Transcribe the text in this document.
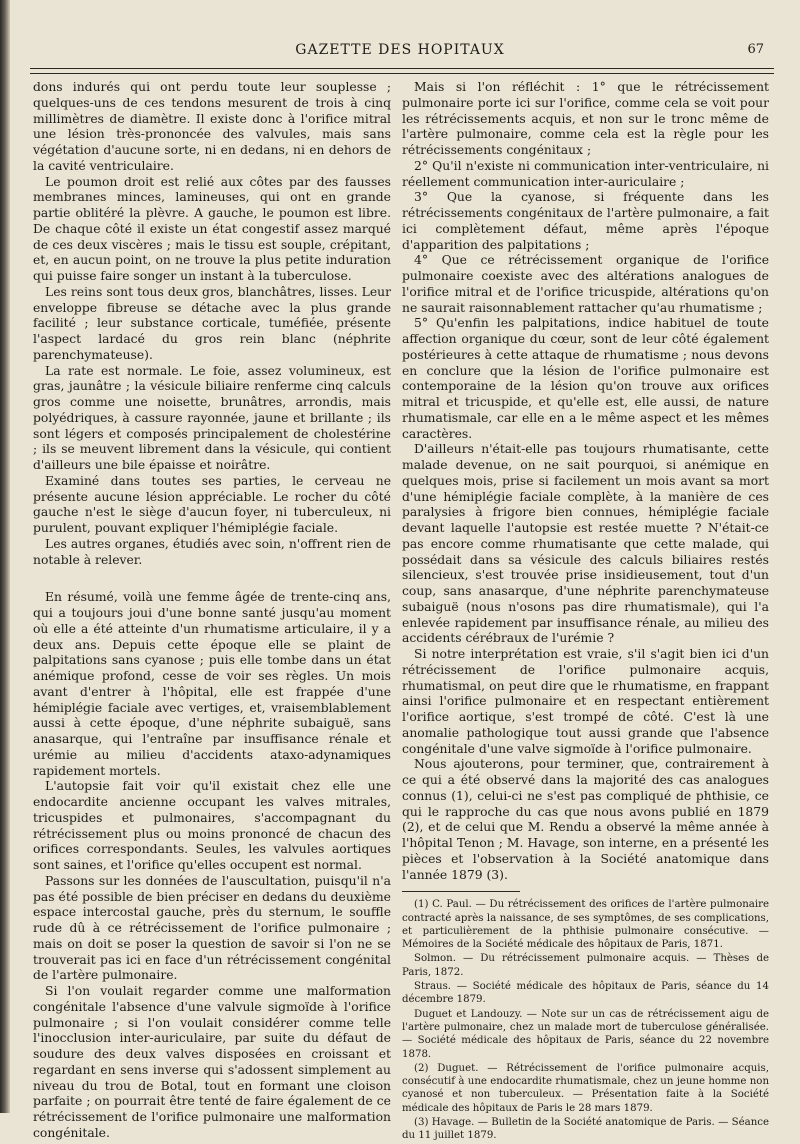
GAZETTE DES HOPITAUX	67

dons indurés qui ont perdu toute leur souplesse ; quelques-uns de ces tendons mesurent de trois à cinq millimètres de diamètre. Il existe donc à l'orifice mitral une lésion très-prononcée des valvules, mais sans végétation d'aucune sorte, ni en dedans, ni en dehors de la cavité ventriculaire.

Le poumon droit est relié aux côtes par des fausses membranes minces, lamineuses, qui ont en grande partie oblitéré la plèvre. A gauche, le poumon est libre. De chaque côté il existe un état congestif assez marqué de ces deux viscères ; mais le tissu est souple, crépitant, et, en aucun point, on ne trouve la plus petite induration qui puisse faire songer un instant à la tuberculose.

Les reins sont tous deux gros, blanchâtres, lisses. Leur enveloppe fibreuse se détache avec la plus grande facilité ; leur substance corticale, tuméfiée, présente l'aspect lardacé du gros rein blanc (néphrite parenchymateuse).

La rate est normale. Le foie, assez volumineux, est gras, jaunâtre ; la vésicule biliaire renferme cinq calculs gros comme une noisette, brunâtres, arrondis, mais polyédriques, à cassure rayonnée, jaune et brillante ; ils sont légers et composés principalement de cholestérine ; ils se meuvent librement dans la vésicule, qui contient d'ailleurs une bile épaisse et noirâtre.

Examiné dans toutes ses parties, le cerveau ne présente aucune lésion appréciable. Le rocher du côté gauche n'est le siège d'aucun foyer, ni tuberculeux, ni purulent, pouvant expliquer l'hémiplégie faciale.

Les autres organes, étudiés avec soin, n'offrent rien de notable à relever.

En résumé, voilà une femme âgée de trente-cinq ans, qui a toujours joui d'une bonne santé jusqu'au moment où elle a été atteinte d'un rhumatisme articulaire, il y a deux ans. Depuis cette époque elle se plaint de palpitations sans cyanose ; puis elle tombe dans un état anémique profond, cesse de voir ses règles. Un mois avant d'entrer à l'hôpital, elle est frappée d'une hémiplégie faciale avec vertiges, et, vraisemblablement aussi à cette époque, d'une néphrite subaiguë, sans anasarque, qui l'entraîne par insuffisance rénale et urémie au milieu d'accidents ataxo-adynamiques rapidement mortels.

L'autopsie fait voir qu'il existait chez elle une endocardite ancienne occupant les valves mitrales, tricuspides et pulmonaires, s'accompagnant du rétrécissement plus ou moins prononcé de chacun des orifices correspondants. Seules, les valvules aortiques sont saines, et l'orifice qu'elles occupent est normal.

Passons sur les données de l'auscultation, puisqu'il n'a pas été possible de bien préciser en dedans du deuxième espace intercostal gauche, près du sternum, le souffle rude dû à ce rétrécissement de l'orifice pulmonaire ; mais on doit se poser la question de savoir si l'on ne se trouverait pas ici en face d'un rétrécissement congénital de l'artère pulmonaire.

Si l'on voulait regarder comme une malformation congénitale l'absence d'une valvule sigmoïde à l'orifice pulmonaire ; si l'on voulait considérer comme telle l'inocclusion inter-auriculaire, par suite du défaut de soudure des deux valves disposées en croissant et regardant en sens inverse qui s'adossent simplement au niveau du trou de Botal, tout en formant une cloison parfaite ; on pourrait être tenté de faire également de ce rétrécissement de l'orifice pulmonaire une malformation congénitale.

Mais si l'on réfléchit : 1° que le rétrécissement pulmonaire porte ici sur l'orifice, comme cela se voit pour les rétrécissements acquis, et non sur le tronc même de l'artère pulmonaire, comme cela est la règle pour les rétrécissements congénitaux ;

2° Qu'il n'existe ni communication inter-ventriculaire, ni réellement communication inter-auriculaire ;

3° Que la cyanose, si fréquente dans les rétrécissements congénitaux de l'artère pulmonaire, a fait ici complètement défaut, même après l'époque d'apparition des palpitations ;

4° Que ce rétrécissement organique de l'orifice pulmonaire coexiste avec des altérations analogues de l'orifice mitral et de l'orifice tricuspide, altérations qu'on ne saurait raisonnablement rattacher qu'au rhumatisme ;

5° Qu'enfin les palpitations, indice habituel de toute affection organique du cœur, sont de leur côté également postérieures à cette attaque de rhumatisme ; nous devons en conclure que la lésion de l'orifice pulmonaire est contemporaine de la lésion qu'on trouve aux orifices mitral et tricuspide, et qu'elle est, elle aussi, de nature rhumatismale, car elle en a le même aspect et les mêmes caractères.

D'ailleurs n'était-elle pas toujours rhumatisante, cette malade devenue, on ne sait pourquoi, si anémique en quelques mois, prise si facilement un mois avant sa mort d'une hémiplégie faciale complète, à la manière de ces paralysies à frigore bien connues, hémiplégie faciale devant laquelle l'autopsie est restée muette ? N'était-ce pas encore comme rhumatisante que cette malade, qui possédait dans sa vésicule des calculs biliaires restés silencieux, s'est trouvée prise insidieusement, tout d'un coup, sans anasarque, d'une néphrite parenchymateuse subaiguë (nous n'osons pas dire rhumatismale), qui l'a enlevée rapidement par insuffisance rénale, au milieu des accidents cérébraux de l'urémie ?

Si notre interprétation est vraie, s'il s'agit bien ici d'un rétrécissement de l'orifice pulmonaire acquis, rhumatismal, on peut dire que le rhumatisme, en frappant ainsi l'orifice pulmonaire et en respectant entièrement l'orifice aortique, s'est trompé de côté. C'est là une anomalie pathologique tout aussi grande que l'absence congénitale d'une valve sigmoïde à l'orifice pulmonaire.

Nous ajouterons, pour terminer, que, contrairement à ce qui a été observé dans la majorité des cas analogues connus (1), celui-ci ne s'est pas compliqué de phthisie, ce qui le rapproche du cas que nous avons publié en 1879 (2), et de celui que M. Rendu a observé la même année à l'hôpital Tenon ; M. Havage, son interne, en a présenté les pièces et l'observation à la Société anatomique dans l'année 1879 (3).

(1) C. Paul. — Du rétrécissement des orifices de l'artère pulmonaire contracté après la naissance, de ses symptômes, de ses complications, et particulièrement de la phthisie pulmonaire consécutive. — Mémoires de la Société médicale des hôpitaux de Paris, 1871.

Solmon. — Du rétrécissement pulmonaire acquis. — Thèses de Paris, 1872.

Straus. — Société médicale des hôpitaux de Paris, séance du 14 décembre 1879.

Duguet et Landouzy. — Note sur un cas de rétrécissement aigu de l'artère pulmonaire, chez un malade mort de tuberculose généralisée. — Société médicale des hôpitaux de Paris, séance du 22 novembre 1878.

(2) Duguet. — Rétrécissement de l'orifice pulmonaire acquis, consécutif à une endocardite rhumatismale, chez un jeune homme non cyanosé et non tuberculeux. — Présentation faite à la Société médicale des hôpitaux de Paris le 28 mars 1879.

(3) Havage. — Bulletin de la Société anatomique de Paris. — Séance du 11 juillet 1879.
